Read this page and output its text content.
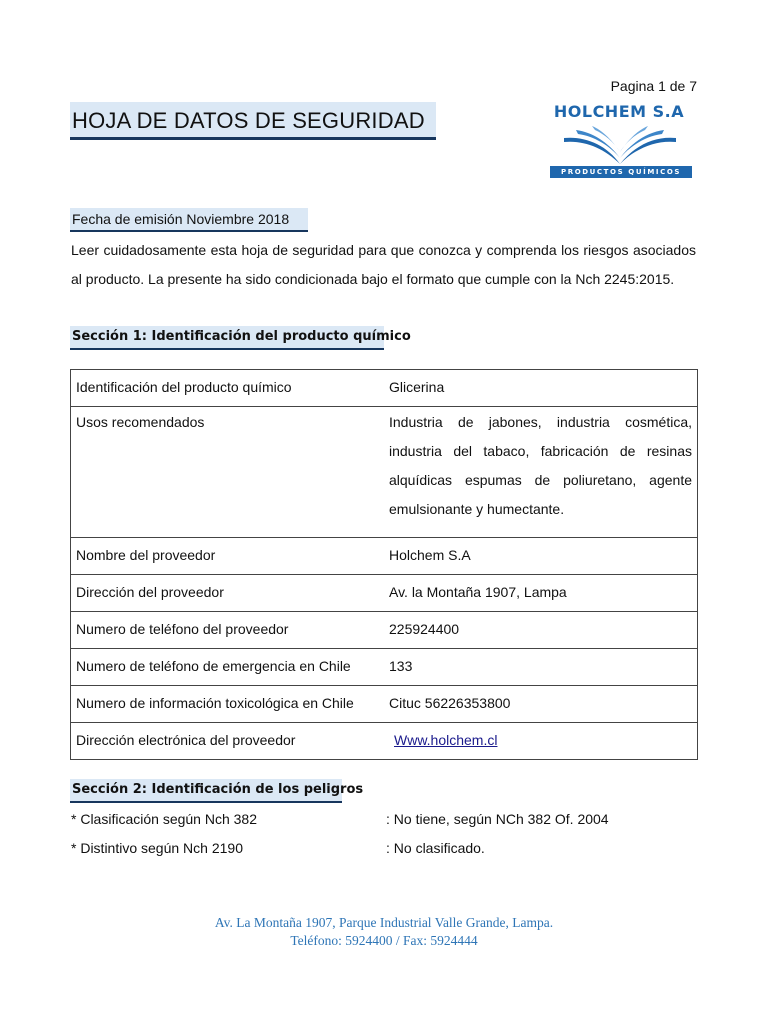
Pagina 1 de 7
HOJA DE DATOS DE SEGURIDAD	HOLCHEM S.A
PRODUCTOS QUÍMICOS
Fecha de emisión Noviembre 2018
Leer cuidadosamente esta hoja de seguridad para que conozca y comprenda los riesgos asociados al producto. La presente ha sido condicionada bajo el formato que cumple con la Nch 2245:2015.
Sección 1: Identificación del producto químico
Identificación del producto químico	Glicerina
Usos recomendados	Industria de jabones, industria cosmética, industria del tabaco, fabricación de resinas alquídicas espumas de poliuretano, agente emulsionante y humectante.
Nombre del proveedor	Holchem S.A
Dirección del proveedor	Av. la Montaña 1907, Lampa
Numero de teléfono del proveedor	225924400
Numero de teléfono de emergencia en Chile	133
Numero de información toxicológica en Chile	Cituc 56226353800
Dirección electrónica del proveedor	Www.holchem.cl
Sección 2: Identificación de los peligros
* Clasificación según Nch 382	: No tiene, según NCh 382 Of. 2004
* Distintivo según Nch 2190	: No clasificado.
Av. La Montaña 1907, Parque Industrial Valle Grande, Lampa.
Teléfono: 5924400 / Fax: 5924444
